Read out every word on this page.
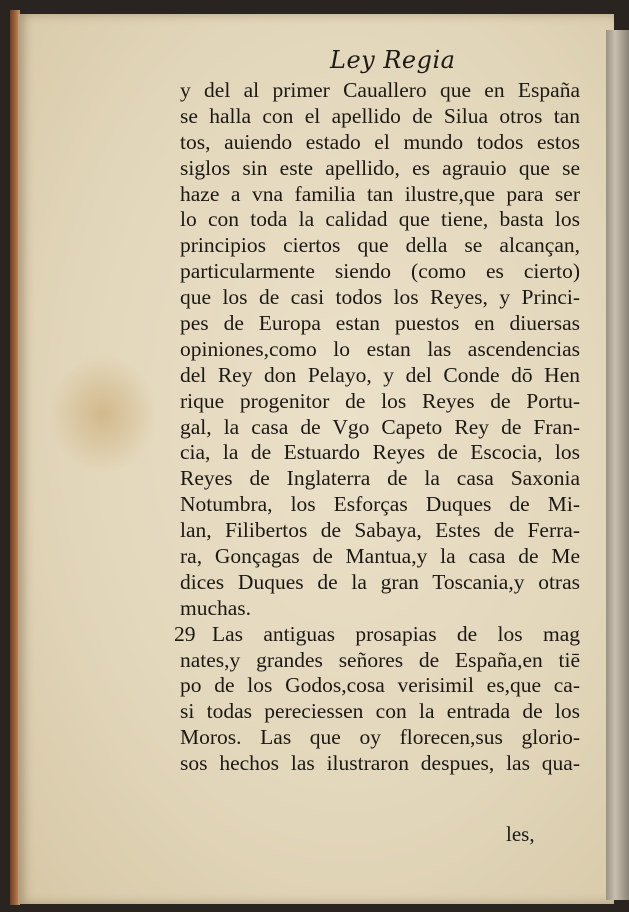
Ley Regia
y del al primer Cauallero que en España
se halla con el apellido de Silua otros tan
tos, auiendo estado el mundo todos estos
siglos sin este apellido, es agrauio que se
haze a vna familia tan ilustre,que para ser
lo con toda la calidad que tiene, basta los
principios ciertos que della se alcançan,
particularmente siendo (como es cierto)
que los de casi todos los Reyes, y Princi-
pes de Europa estan puestos en diuersas
opiniones,como lo estan las ascendencias
del Rey don Pelayo, y del Conde dō Hen
rique progenitor de los Reyes de Portu-
gal, la casa de Vgo Capeto Rey de Fran-
cia, la de Estuardo Reyes de Escocia, los
Reyes de Inglaterra de la casa Saxonia
Notumbra, los Esforças Duques de Mi-
lan, Filibertos de Sabaya, Estes de Ferra-
ra, Gonçagas de Mantua,y la casa de Me
dices Duques de la gran Toscania,y otras
muchas.
29 Las antiguas prosapias de los mag
nates,y grandes señores de España,en tiē
po de los Godos,cosa verisimil es,que ca-
si todas pereciessen con la entrada de los
Moros. Las que oy florecen,sus glorio-
sos hechos las ilustraron despues, las qua-
les,
